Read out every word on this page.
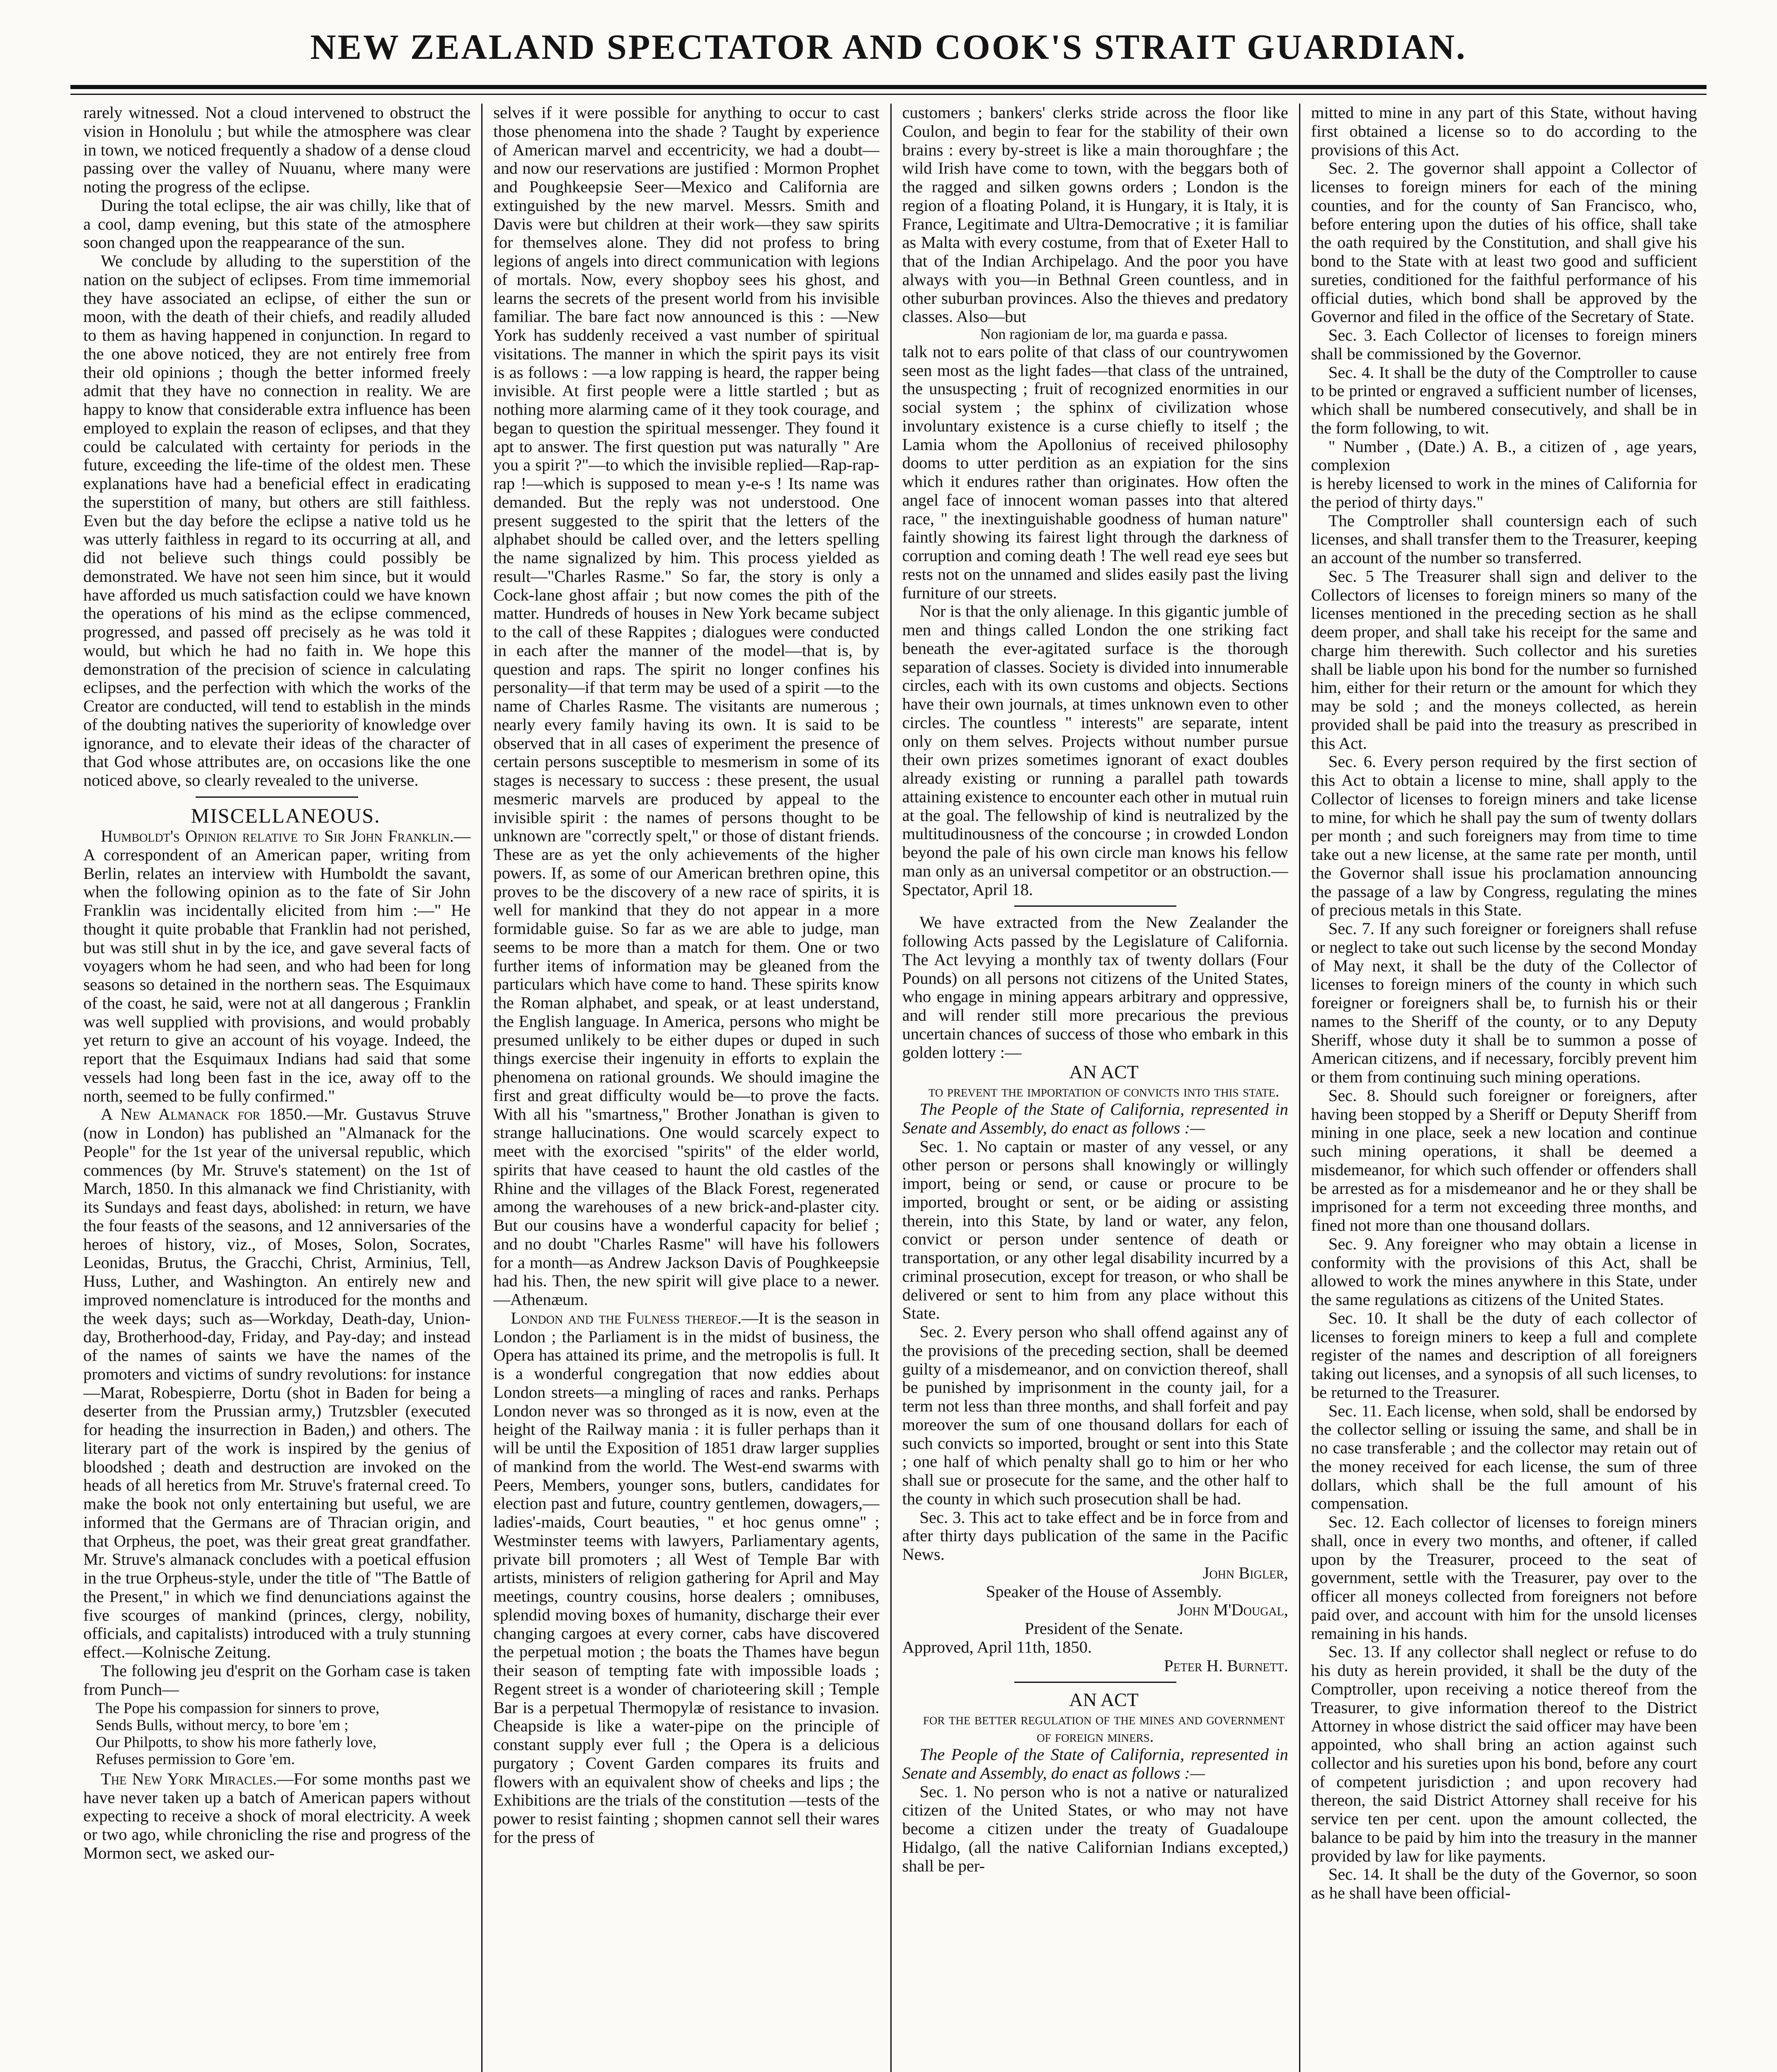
NEW ZEALAND SPECTATOR AND COOK'S STRAIT GUARDIAN.

rarely witnessed. Not a cloud intervened to obstruct the vision in Honolulu ; but while the atmosphere was clear in town, we noticed frequently a shadow of a dense cloud passing over the valley of Nuuanu, where many were noting the progress of the eclipse.

During the total eclipse, the air was chilly, like that of a cool, damp evening, but this state of the atmosphere soon changed upon the reappearance of the sun.

We conclude by alluding to the superstition of the nation on the subject of eclipses. From time immemorial they have associated an eclipse, of either the sun or moon, with the death of their chiefs, and readily alluded to them as having happened in conjunction. In regard to the one above noticed, they are not entirely free from their old opinions ; though the better informed freely admit that they have no connection in reality. We are happy to know that considerable extra influence has been employed to explain the reason of eclipses, and that they could be calculated with certainty for periods in the future, exceeding the life-time of the oldest men. These explanations have had a beneficial effect in eradicating the superstition of many, but others are still faithless. Even but the day before the eclipse a native told us he was utterly faithless in regard to its occurring at all, and did not believe such things could possibly be demonstrated. We have not seen him since, but it would have afforded us much satisfaction could we have known the operations of his mind as the eclipse commenced, progressed, and passed off precisely as he was told it would, but which he had no faith in. We hope this demonstration of the precision of science in calculating eclipses, and the perfection with which the works of the Creator are conducted, will tend to establish in the minds of the doubting natives the superiority of knowledge over ignorance, and to elevate their ideas of the character of that God whose attributes are, on occasions like the one noticed above, so clearly revealed to the universe.

MISCELLANEOUS.

Humboldt's Opinion relative to Sir John Franklin.—A correspondent of an American paper, writing from Berlin, relates an interview with Humboldt the savant, when the following opinion as to the fate of Sir John Franklin was incidentally elicited from him :—" He thought it quite probable that Franklin had not perished, but was still shut in by the ice, and gave several facts of voyagers whom he had seen, and who had been for long seasons so detained in the northern seas. The Esquimaux of the coast, he said, were not at all dangerous ; Franklin was well supplied with provisions, and would probably yet return to give an account of his voyage. Indeed, the report that the Esquimaux Indians had said that some vessels had long been fast in the ice, away off to the north, seemed to be fully confirmed."

A New Almanack for 1850.—Mr. Gustavus Struve (now in London) has published an "Almanack for the People" for the 1st year of the universal republic, which commences (by Mr. Struve's statement) on the 1st of March, 1850. In this almanack we find Christianity, with its Sundays and feast days, abolished: in return, we have the four feasts of the seasons, and 12 anniversaries of the heroes of history, viz., of Moses, Solon, Socrates, Leonidas, Brutus, the Gracchi, Christ, Arminius, Tell, Huss, Luther, and Washington. An entirely new and improved nomenclature is introduced for the months and the week days; such as—Workday, Death-day, Union-day, Brotherhood-day, Friday, and Pay-day; and instead of the names of saints we have the names of the promoters and victims of sundry revolutions: for instance—Marat, Robespierre, Dortu (shot in Baden for being a deserter from the Prussian army,) Trutzsbler (executed for heading the insurrection in Baden,) and others. The literary part of the work is inspired by the genius of bloodshed ; death and destruction are invoked on the heads of all heretics from Mr. Struve's fraternal creed. To make the book not only entertaining but useful, we are informed that the Germans are of Thracian origin, and that Orpheus, the poet, was their great great grandfather. Mr. Struve's almanack concludes with a poetical effusion in the true Orpheus-style, under the title of "The Battle of the Present," in which we find denunciations against the five scourges of mankind (princes, clergy, nobility, officials, and capitalists) introduced with a truly stunning effect.—Kolnische Zeitung.

The following jeu d'esprit on the Gorham case is taken from Punch—

The Pope his compassion for sinners to prove,
Sends Bulls, without mercy, to bore 'em ;
Our Philpotts, to show his more fatherly love,
Refuses permission to Gore 'em.

The New York Miracles.—For some months past we have never taken up a batch of American papers without expecting to receive a shock of moral electricity. A week or two ago, while chronicling the rise and progress of the Mormon sect, we asked our-

selves if it were possible for anything to occur to cast those phenomena into the shade ? Taught by experience of American marvel and eccentricity, we had a doubt—and now our reservations are justified : Mormon Prophet and Poughkeepsie Seer—Mexico and California are extinguished by the new marvel. Messrs. Smith and Davis were but children at their work—they saw spirits for themselves alone. They did not profess to bring legions of angels into direct communication with legions of mortals. Now, every shopboy sees his ghost, and learns the secrets of the present world from his invisible familiar. The bare fact now announced is this : —New York has suddenly received a vast number of spiritual visitations. The manner in which the spirit pays its visit is as follows : —a low rapping is heard, the rapper being invisible. At first people were a little startled ; but as nothing more alarming came of it they took courage, and began to question the spiritual messenger. They found it apt to answer. The first question put was naturally " Are you a spirit ?"—to which the invisible replied—Rap-rap-rap !—which is supposed to mean y-e-s ! Its name was demanded. But the reply was not understood. One present suggested to the spirit that the letters of the alphabet should be called over, and the letters spelling the name signalized by him. This process yielded as result—"Charles Rasme." So far, the story is only a Cock-lane ghost affair ; but now comes the pith of the matter. Hundreds of houses in New York became subject to the call of these Rappites ; dialogues were conducted in each after the manner of the model—that is, by question and raps. The spirit no longer confines his personality—if that term may be used of a spirit —to the name of Charles Rasme. The visitants are numerous ; nearly every family having its own. It is said to be observed that in all cases of experiment the presence of certain persons susceptible to mesmerism in some of its stages is necessary to success : these present, the usual mesmeric marvels are produced by appeal to the invisible spirit : the names of persons thought to be unknown are "correctly spelt," or those of distant friends. These are as yet the only achievements of the higher powers. If, as some of our American brethren opine, this proves to be the discovery of a new race of spirits, it is well for mankind that they do not appear in a more formidable guise. So far as we are able to judge, man seems to be more than a match for them. One or two further items of information may be gleaned from the particulars which have come to hand. These spirits know the Roman alphabet, and speak, or at least understand, the English language. In America, persons who might be presumed unlikely to be either dupes or duped in such things exercise their ingenuity in efforts to explain the phenomena on rational grounds. We should imagine the first and great difficulty would be—to prove the facts. With all his "smartness," Brother Jonathan is given to strange hallucinations. One would scarcely expect to meet with the exorcised "spirits" of the elder world, spirits that have ceased to haunt the old castles of the Rhine and the villages of the Black Forest, regenerated among the warehouses of a new brick-and-plaster city. But our cousins have a wonderful capacity for belief ; and no doubt "Charles Rasme" will have his followers for a month—as Andrew Jackson Davis of Poughkeepsie had his. Then, the new spirit will give place to a newer.—Athenæum.

London and the Fulness thereof.—It is the season in London ; the Parliament is in the midst of business, the Opera has attained its prime, and the metropolis is full. It is a wonderful congregation that now eddies about London streets—a mingling of races and ranks. Perhaps London never was so thronged as it is now, even at the height of the Railway mania : it is fuller perhaps than it will be until the Exposition of 1851 draw larger supplies of mankind from the world. The West-end swarms with Peers, Members, younger sons, butlers, candidates for election past and future, country gentlemen, dowagers,—ladies'-maids, Court beauties, " et hoc genus omne" ; Westminster teems with lawyers, Parliamentary agents, private bill promoters ; all West of Temple Bar with artists, ministers of religion gathering for April and May meetings, country cousins, horse dealers ; omnibuses, splendid moving boxes of humanity, discharge their ever changing cargoes at every corner, cabs have discovered the perpetual motion ; the boats the Thames have begun their season of tempting fate with impossible loads ; Regent street is a wonder of charioteering skill ; Temple Bar is a perpetual Thermopylæ of resistance to invasion. Cheapside is like a water-pipe on the principle of constant supply ever full ; the Opera is a delicious purgatory ; Covent Garden compares its fruits and flowers with an equivalent show of cheeks and lips ; the Exhibitions are the trials of the constitution —tests of the power to resist fainting ; shopmen cannot sell their wares for the press of

customers ; bankers' clerks stride across the floor like Coulon, and begin to fear for the stability of their own brains : every by-street is like a main thoroughfare ; the wild Irish have come to town, with the beggars both of the ragged and silken gowns orders ; London is the region of a floating Poland, it is Hungary, it is Italy, it is France, Legitimate and Ultra-Democrative ; it is familiar as Malta with every costume, from that of Exeter Hall to that of the Indian Archipelago. And the poor you have always with you—in Bethnal Green countless, and in other suburban provinces. Also the thieves and predatory classes. Also—but

Non ragioniam de lor, ma guarda e passa.

talk not to ears polite of that class of our countrywomen seen most as the light fades—that class of the untrained, the unsuspecting ; fruit of recognized enormities in our social system ; the sphinx of civilization whose involuntary existence is a curse chiefly to itself ; the Lamia whom the Apollonius of received philosophy dooms to utter perdition as an expiation for the sins which it endures rather than originates. How often the angel face of innocent woman passes into that altered race, " the inextinguishable goodness of human nature" faintly showing its fairest light through the darkness of corruption and coming death ! The well read eye sees but rests not on the unnamed and slides easily past the living furniture of our streets.

Nor is that the only alienage. In this gigantic jumble of men and things called London the one striking fact beneath the ever-agitated surface is the thorough separation of classes. Society is divided into innumerable circles, each with its own customs and objects. Sections have their own journals, at times unknown even to other circles. The countless " interests" are separate, intent only on them selves. Projects without number pursue their own prizes sometimes ignorant of exact doubles already existing or running a parallel path towards attaining existence to encounter each other in mutual ruin at the goal. The fellowship of kind is neutralized by the multitudinousness of the concourse ; in crowded London beyond the pale of his own circle man knows his fellow man only as an universal competitor or an obstruction.—Spectator, April 18.

We have extracted from the New Zealander the following Acts passed by the Legislature of California. The Act levying a monthly tax of twenty dollars (Four Pounds) on all persons not citizens of the United States, who engage in mining appears arbitrary and oppressive, and will render still more precarious the previous uncertain chances of success of those who embark in this golden lottery :—

AN ACT

to prevent the importation of convicts into this state.

The People of the State of California, represented in Senate and Assembly, do enact as follows :—

Sec. 1. No captain or master of any vessel, or any other person or persons shall knowingly or willingly import, being or send, or cause or procure to be imported, brought or sent, or be aiding or assisting therein, into this State, by land or water, any felon, convict or person under sentence of death or transportation, or any other legal disability incurred by a criminal prosecution, except for treason, or who shall be delivered or sent to him from any place without this State.

Sec. 2. Every person who shall offend against any of the provisions of the preceding section, shall be deemed guilty of a misdemeanor, and on conviction thereof, shall be punished by imprisonment in the county jail, for a term not less than three months, and shall forfeit and pay moreover the sum of one thousand dollars for each of such convicts so imported, brought or sent into this State ; one half of which penalty shall go to him or her who shall sue or prosecute for the same, and the other half to the county in which such prosecution shall be had.

Sec. 3. This act to take effect and be in force from and after thirty days publication of the same in the Pacific News.

John Bigler,

Speaker of the House of Assembly.

John M'Dougal,

President of the Senate.

Approved, April 11th, 1850.

Peter H. Burnett.

AN ACT

for the better regulation of the mines and government of foreign miners.

The People of the State of California, represented in Senate and Assembly, do enact as follows :—

Sec. 1. No person who is not a native or naturalized citizen of the United States, or who may not have become a citizen under the treaty of Guadaloupe Hidalgo, (all the native Californian Indians excepted,) shall be per-

mitted to mine in any part of this State, without having first obtained a license so to do according to the provisions of this Act.

Sec. 2. The governor shall appoint a Collector of licenses to foreign miners for each of the mining counties, and for the county of San Francisco, who, before entering upon the duties of his office, shall take the oath required by the Constitution, and shall give his bond to the State with at least two good and sufficient sureties, conditioned for the faithful performance of his official duties, which bond shall be approved by the Governor and filed in the office of the Secretary of State.

Sec. 3. Each Collector of licenses to foreign miners shall be commissioned by the Governor.

Sec. 4. It shall be the duty of the Comptroller to cause to be printed or engraved a sufficient number of licenses, which shall be numbered consecutively, and shall be in the form following, to wit.

" Number , (Date.) A. B., a citizen of , age years, complexion

is hereby licensed to work in the mines of California for the period of thirty days."

The Comptroller shall countersign each of such licenses, and shall transfer them to the Treasurer, keeping an account of the number so transferred.

Sec. 5 The Treasurer shall sign and deliver to the Collectors of licenses to foreign miners so many of the licenses mentioned in the preceding section as he shall deem proper, and shall take his receipt for the same and charge him therewith. Such collector and his sureties shall be liable upon his bond for the number so furnished him, either for their return or the amount for which they may be sold ; and the moneys collected, as herein provided shall be paid into the treasury as prescribed in this Act.

Sec. 6. Every person required by the first section of this Act to obtain a license to mine, shall apply to the Collector of licenses to foreign miners and take license to mine, for which he shall pay the sum of twenty dollars per month ; and such foreigners may from time to time take out a new license, at the same rate per month, until the Governor shall issue his proclamation announcing the passage of a law by Congress, regulating the mines of precious metals in this State.

Sec. 7. If any such foreigner or foreigners shall refuse or neglect to take out such license by the second Monday of May next, it shall be the duty of the Collector of licenses to foreign miners of the county in which such foreigner or foreigners shall be, to furnish his or their names to the Sheriff of the county, or to any Deputy Sheriff, whose duty it shall be to summon a posse of American citizens, and if necessary, forcibly prevent him or them from continuing such mining operations.

Sec. 8. Should such foreigner or foreigners, after having been stopped by a Sheriff or Deputy Sheriff from mining in one place, seek a new location and continue such mining operations, it shall be deemed a misdemeanor, for which such offender or offenders shall be arrested as for a misdemeanor and he or they shall be imprisoned for a term not exceeding three months, and fined not more than one thousand dollars.

Sec. 9. Any foreigner who may obtain a license in conformity with the provisions of this Act, shall be allowed to work the mines anywhere in this State, under the same regulations as citizens of the United States.

Sec. 10. It shall be the duty of each collector of licenses to foreign miners to keep a full and complete register of the names and description of all foreigners taking out licenses, and a synopsis of all such licenses, to be returned to the Treasurer.

Sec. 11. Each license, when sold, shall be endorsed by the collector selling or issuing the same, and shall be in no case transferable ; and the collector may retain out of the money received for each license, the sum of three dollars, which shall be the full amount of his compensation.

Sec. 12. Each collector of licenses to foreign miners shall, once in every two months, and oftener, if called upon by the Treasurer, proceed to the seat of government, settle with the Treasurer, pay over to the officer all moneys collected from foreigners not before paid over, and account with him for the unsold licenses remaining in his hands.

Sec. 13. If any collector shall neglect or refuse to do his duty as herein provided, it shall be the duty of the Comptroller, upon receiving a notice thereof from the Treasurer, to give information thereof to the District Attorney in whose district the said officer may have been appointed, who shall bring an action against such collector and his sureties upon his bond, before any court of competent jurisdiction ; and upon recovery had thereon, the said District Attorney shall receive for his service ten per cent. upon the amount collected, the balance to be paid by him into the treasury in the manner provided by law for like payments.

Sec. 14. It shall be the duty of the Governor, so soon as he shall have been official-
